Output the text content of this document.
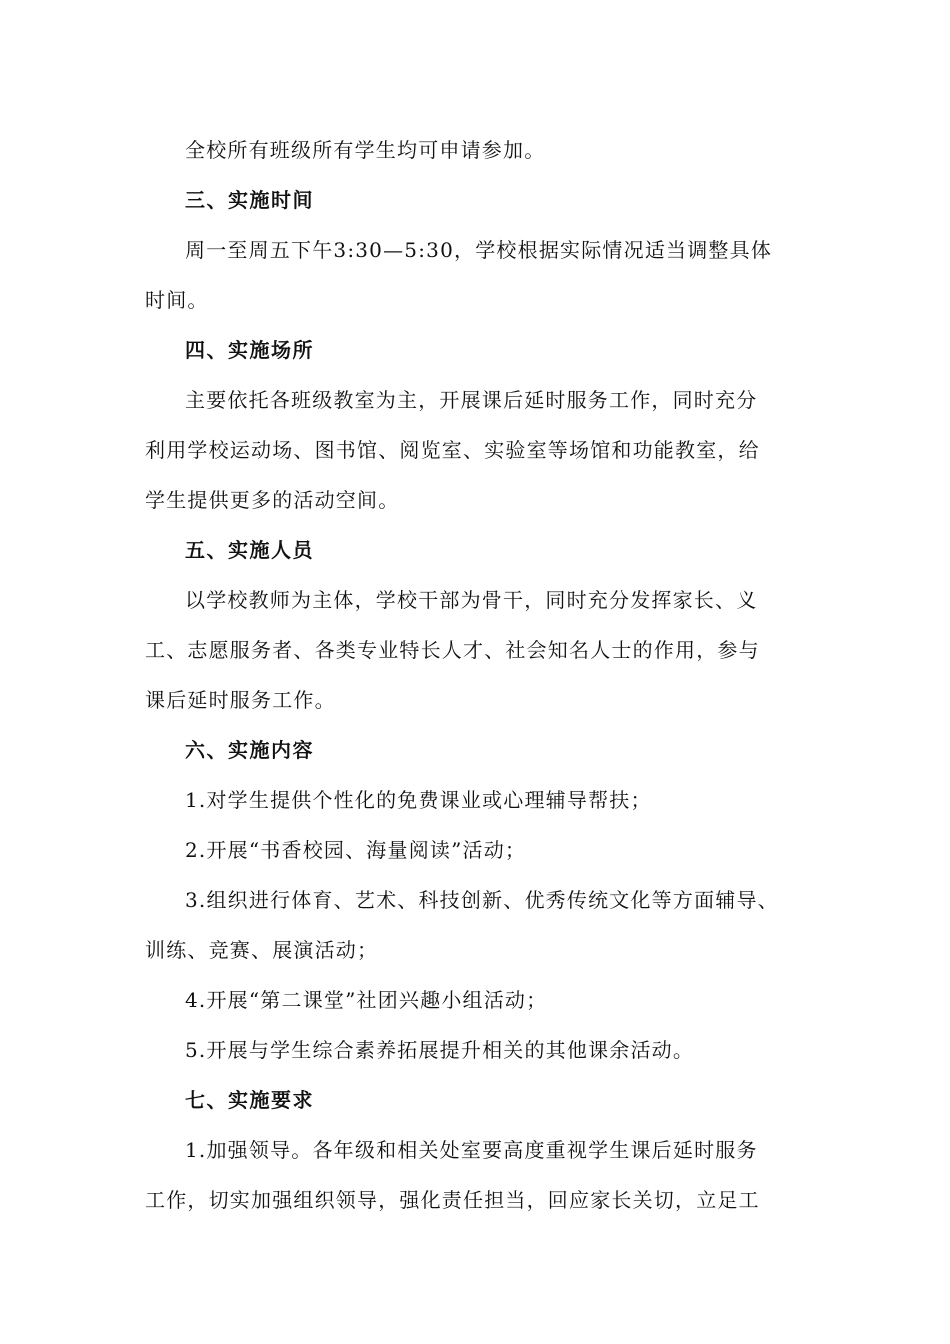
全校所有班级所有学生均可申请参加。
三、实施时间
周一至周五下午3:30—5:30，学校根据实际情况适当调整具体
时间。
四、实施场所
主要依托各班级教室为主，开展课后延时服务工作，同时充分
利用学校运动场、图书馆、阅览室、实验室等场馆和功能教室，给
学生提供更多的活动空间。
五、实施人员
以学校教师为主体，学校干部为骨干，同时充分发挥家长、义
工、志愿服务者、各类专业特长人才、社会知名人士的作用，参与
课后延时服务工作。
六、实施内容
1.对学生提供个性化的免费课业或心理辅导帮扶；
2.开展“书香校园、海量阅读”活动；
3.组织进行体育、艺术、科技创新、优秀传统文化等方面辅导、
训练、竞赛、展演活动；
4.开展“第二课堂”社团兴趣小组活动；
5.开展与学生综合素养拓展提升相关的其他课余活动。
七、实施要求
1.加强领导。各年级和相关处室要高度重视学生课后延时服务
工作，切实加强组织领导，强化责任担当，回应家长关切，立足工
